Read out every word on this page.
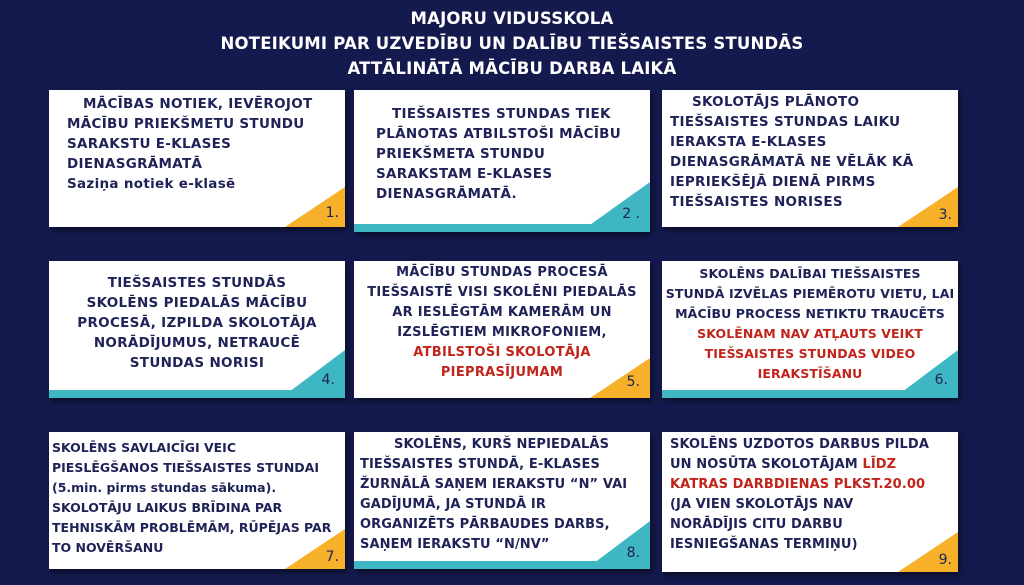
MAJORU VIDUSSKOLA
NOTEIKUMI PAR UZVEDĪBU UN DALĪBU TIEŠSAISTES STUNDĀS
ATTĀLINĀTĀ MĀCĪBU DARBA LAIKĀ
MĀCĪBAS NOTIEK, IEVĒROJOT
MĀCĪBU PRIEKŠMETU STUNDU
SARAKSTU E-KLASES
DIENASGRĀMATĀ
Saziņa notiek e-klasē
1.
TIEŠSAISTES STUNDAS TIEK
PLĀNOTAS ATBILSTOŠI MĀCĪBU
PRIEKŠMETA STUNDU
SARAKSTAM E-KLASES
DIENASGRĀMATĀ.
2 .
SKOLOTĀJS PLĀNOTO
TIEŠSAISTES STUNDAS LAIKU
IERAKSTA E-KLASES
DIENASGRĀMATĀ NE VĒLĀK KĀ
IEPRIEKŠĒJĀ DIENĀ PIRMS
TIEŠSAISTES NORISES
3.
TIEŠSAISTES STUNDĀS
SKOLĒNS PIEDALĀS MĀCĪBU
PROCESĀ, IZPILDA SKOLOTĀJA
NORĀDĪJUMUS, NETRAUCĒ
STUNDAS NORISI
4.
MĀCĪBU STUNDAS PROCESĀ
TIEŠSAISTĒ VISI SKOLĒNI PIEDALĀS
AR IESLĒGTĀM KAMERĀM UN
IZSLĒGTIEM MIKROFONIEM,
ATBILSTOŠI SKOLOTĀJA
PIEPRASĪJUMAM
5.
SKOLĒNS DALĪBAI TIEŠSAISTES
STUNDĀ IZVĒLAS PIEMĒROTU VIETU, LAI
MĀCĪBU PROCESS NETIKTU TRAUCĒTS
SKOLĒNAM NAV ATĻAUTS VEIKT
TIEŠSAISTES STUNDAS VIDEO
IERAKSTĪŠANU	6.
SKOLĒNS SAVLAICĪGI VEIC PIESLĒGŠANOS TIEŠSAISTES STUNDAI
(5.min. pirms stundas sākuma).
SKOLOTĀJU LAIKUS BRĪDINA PAR
TEHNISKĀM PROBLĒMĀM, RŪPĒJAS PAR
TO NOVĒRŠANU
7.
SKOLĒNS, KURŠ NEPIEDALĀS
TIEŠSAISTES STUNDĀ, E-KLASES
ŽURNĀLĀ SAŅEM IERAKSTU “N” VAI
GADĪJUMĀ, JA STUNDĀ IR
ORGANIZĒTS PĀRBAUDES DARBS,
SAŅEM IERAKSTU “N/NV”
8.
SKOLĒNS UZDOTOS DARBUS PILDA
UN NOSŪTA SKOLOTĀJAM LĪDZ
KATRAS DARBDIENAS PLKST.20.00
(JA VIEN SKOLOTĀJS NAV
NORĀDĪJIS CITU DARBU
IESNIEGŠANAS TERMIŅU)
9.
